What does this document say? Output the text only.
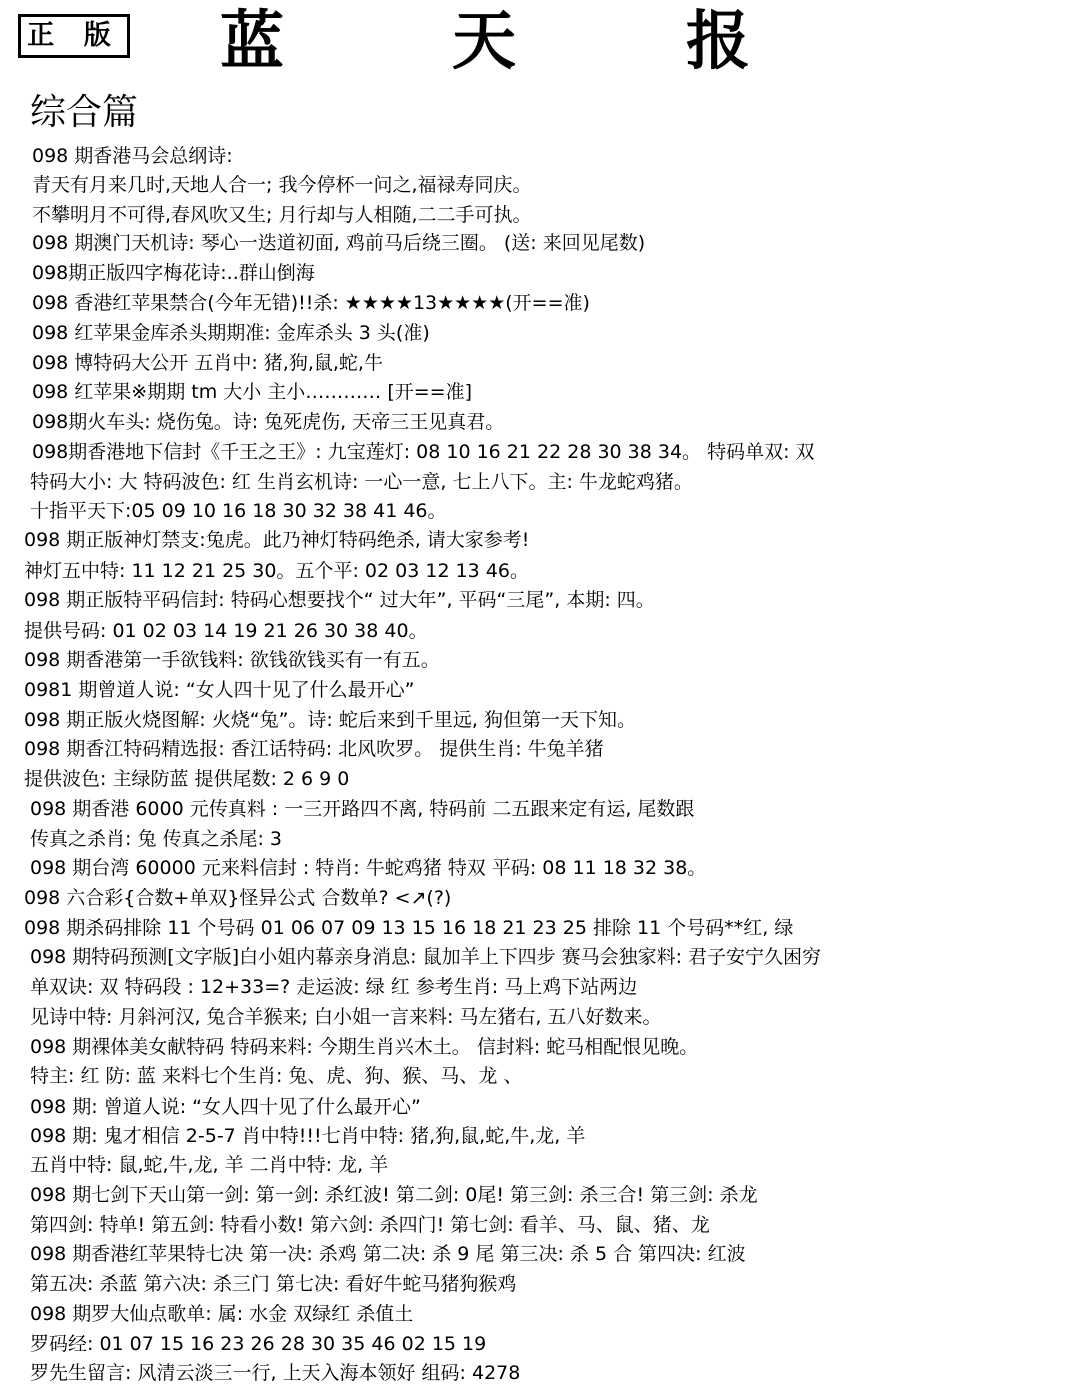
正 版 蓝	天	报
综合篇
098 期香港马会总纲诗:
青天有月来几时,天地人合一; 我今停杯一问之,福禄寿同庆。
不攀明月不可得,春风吹又生; 月行却与人相随,二二手可执。
098 期澳门天机诗: 琴心一迭道初面, 鸡前马后绕三圈。 (送: 来回见尾数)
098期正版四字梅花诗:..群山倒海
098 香港红苹果禁合(今年无错)!!杀: ★★★★13★★★★(开==准)
098 红苹果金库杀头期期准: 金库杀头 3 头(准)
098 博特码大公开 五肖中: 猪,狗,鼠,蛇,牛
098 红苹果※期期 tm 大小 主小………… [开==准]
098期火车头: 烧伤兔。诗: 兔死虎伤, 天帝三王见真君。
098期香港地下信封《千王之王》: 九宝莲灯: 08 10 16 21 22 28 30 38 34。 特码单双: 双
特码大小: 大 特码波色: 红 生肖玄机诗: 一心一意, 七上八下。主: 牛龙蛇鸡猪。
十指平天下:05 09 10 16 18 30 32 38 41 46。
098 期正版神灯禁支:兔虎。此乃神灯特码绝杀, 请大家参考!
神灯五中特: 11 12 21 25 30。五个平: 02 03 12 13 46。
098 期正版特平码信封: 特码心想要找个“ 过大年”, 平码“三尾”, 本期: 四。
提供号码: 01 02 03 14 19 21 26 30 38 40。
098 期香港第一手欲钱料: 欲钱欲钱买有一有五。
0981 期曾道人说: “女人四十见了什么最开心”
098 期正版火烧图解: 火烧“兔”。诗: 蛇后来到千里远, 狗但第一天下知。
098 期香江特码精选报: 香江话特码: 北风吹罗。 提供生肖: 牛兔羊猪
提供波色: 主绿防蓝 提供尾数: 2 6 9 0
098 期香港 6000 元传真料 : 一三开路四不离, 特码前 二五跟来定有运, 尾数跟
传真之杀肖: 兔 传真之杀尾: 3
098 期台湾 60000 元来料信封 : 特肖: 牛蛇鸡猪 特双 平码: 08 11 18 32 38。
098 六合彩{合数+单双}怪异公式 合数单? <↗(?)
098 期杀码排除 11 个号码 01 06 07 09 13 15 16 18 21 23 25 排除 11 个号码**红, 绿
098 期特码预测[文字版]白小姐内幕亲身消息: 鼠加羊上下四步 赛马会独家料: 君子安宁久困穷
单双诀: 双 特码段 : 12+33=? 走运波: 绿 红 参考生肖: 马上鸡下站两边
见诗中特: 月斜河汉, 兔合羊猴来; 白小姐一言来料: 马左猪右, 五八好数来。
098 期裸体美女献特码 特码来料: 今期生肖兴木土。 信封料: 蛇马相配恨见晚。
特主: 红 防: 蓝 来料七个生肖: 兔、虎、狗、猴、马、龙 、
098 期: 曾道人说: “女人四十见了什么最开心”
098 期: 鬼才相信 2-5-7 肖中特!!!七肖中特: 猪,狗,鼠,蛇,牛,龙, 羊
五肖中特: 鼠,蛇,牛,龙, 羊 二肖中特: 龙, 羊
098 期七剑下天山第一剑: 第一剑: 杀红波! 第二剑: 0尾! 第三剑: 杀三合! 第三剑: 杀龙
第四剑: 特单! 第五剑: 特看小数! 第六剑: 杀四门! 第七剑: 看羊、马、鼠、猪、龙
098 期香港红苹果特七决 第一决: 杀鸡 第二决: 杀 9 尾 第三决: 杀 5 合 第四决: 红波
第五决: 杀蓝 第六决: 杀三门 第七决: 看好牛蛇马猪狗猴鸡
098 期罗大仙点歌单: 属: 水金 双绿红 杀值土
罗码经: 01 07 15 16 23 26 28 30 35 46 02 15 19
罗先生留言: 风清云淡三一行, 上天入海本领好 组码: 4278
